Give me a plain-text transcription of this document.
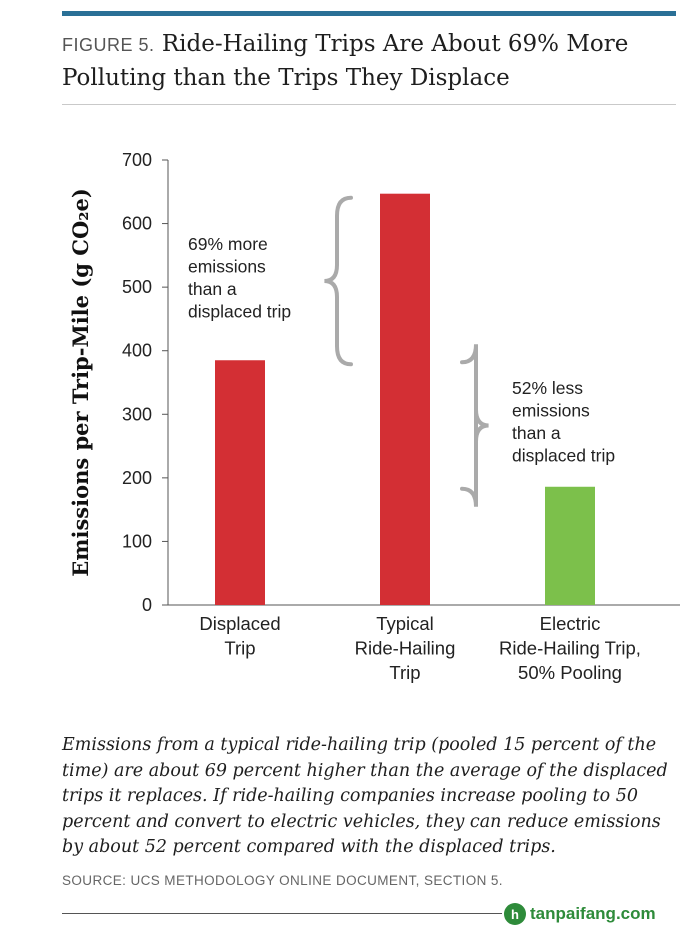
FIGURE 5. Ride-Hailing Trips Are About 69% More Polluting than the Trips They Displace
0
100
200
300
400
500
600
700
Emissions per Trip-Mile (g CO₂e)
Displaced Trip
Typical Ride-Hailing Trip
Electric Ride-Hailing Trip, 50% Pooling
69% more emissions than a displaced trip
52% less emissions than a displaced trip

Emissions from a typical ride-hailing trip (pooled 15 percent of the time) are about 69 percent higher than the average of the displaced trips it replaces. If ride-hailing companies increase pooling to 50 percent and convert to electric vehicles, they can reduce emissions by about 52 percent compared with the displaced trips.

SOURCE: UCS METHODOLOGY ONLINE DOCUMENT, SECTION 5.

h tanpaifang.com
